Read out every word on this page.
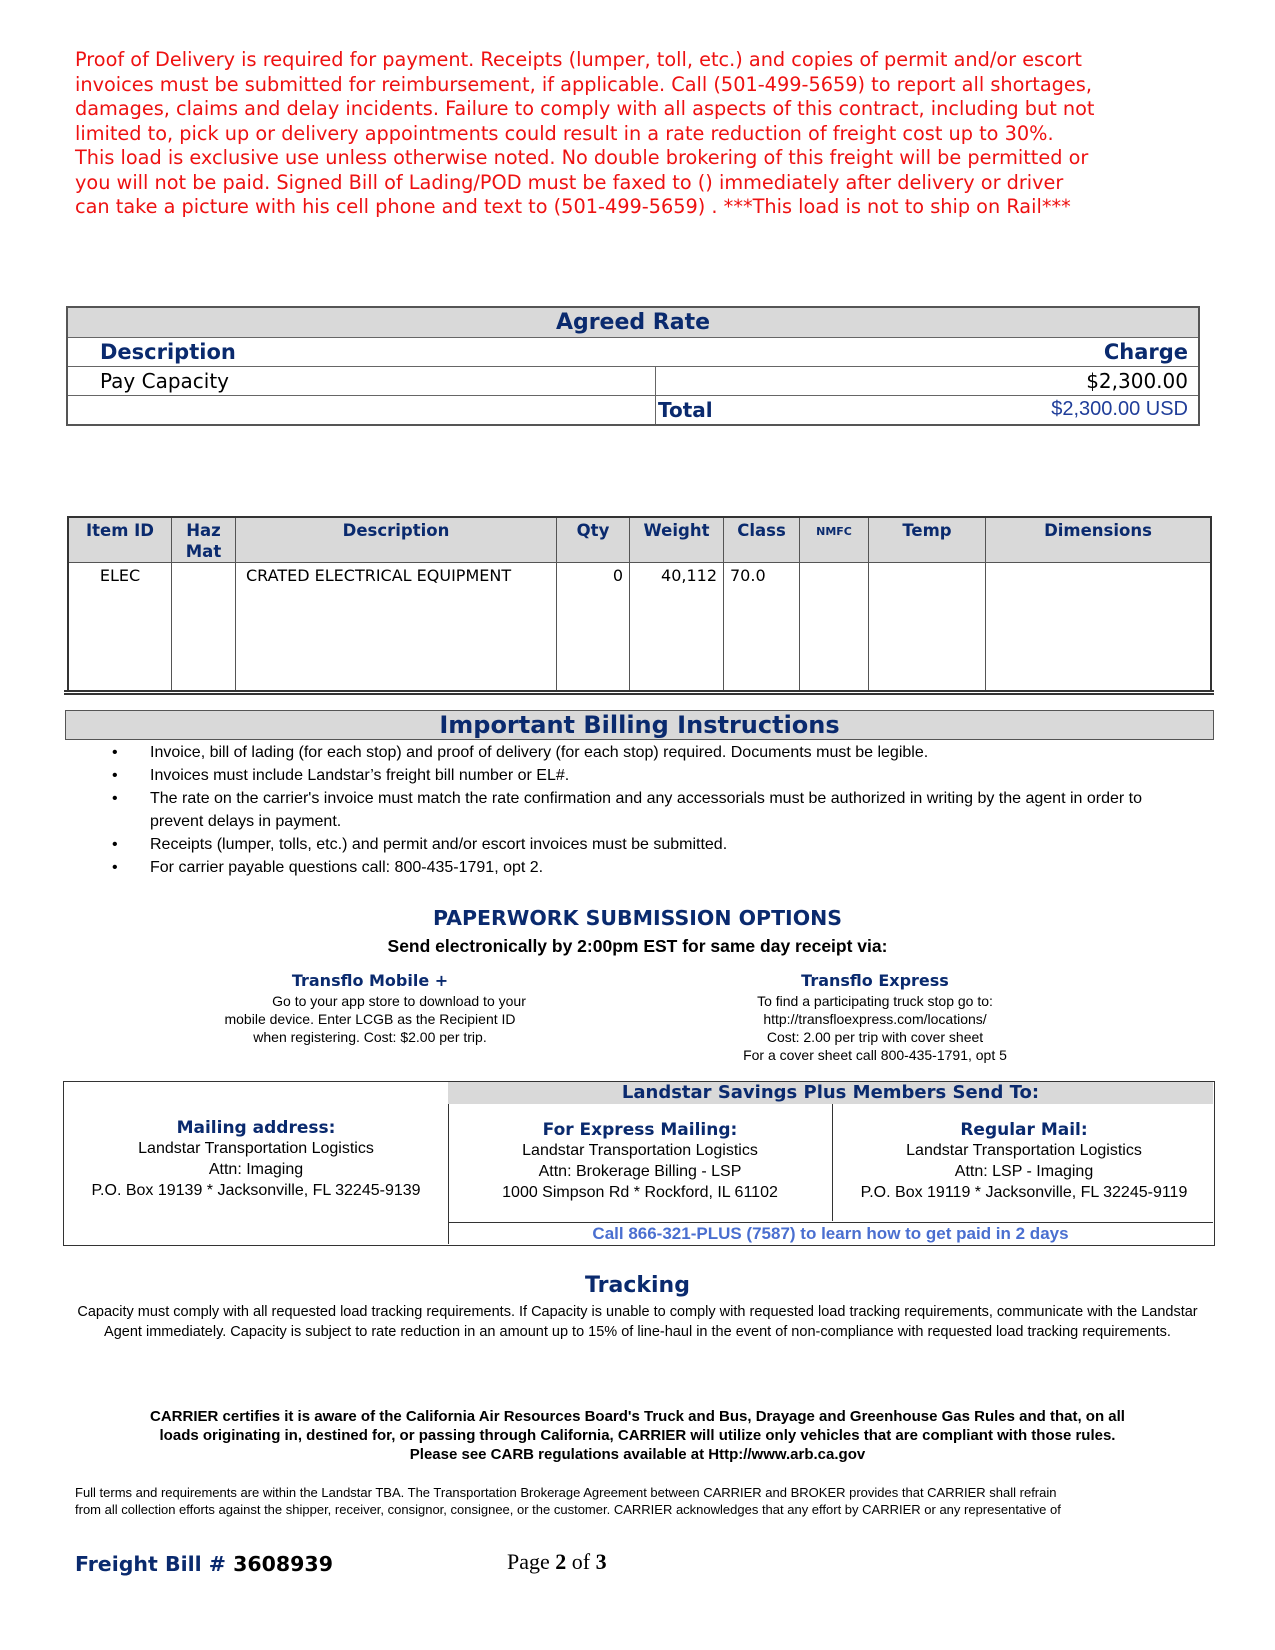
Proof of Delivery is required for payment. Receipts (lumper, toll, etc.) and copies of permit and/or escort
invoices must be submitted for reimbursement, if applicable. Call (501-499-5659) to report all shortages,
damages, claims and delay incidents. Failure to comply with all aspects of this contract, including but not
limited to, pick up or delivery appointments could result in a rate reduction of freight cost up to 30%.
This load is exclusive use unless otherwise noted. No double brokering of this freight will be permitted or
you will not be paid. Signed Bill of Lading/POD must be faxed to () immediately after delivery or driver
can take a picture with his cell phone and text to (501-499-5659) . ***This load is not to ship on Rail***
Agreed Rate	
Description	Charge
Pay Capacity	$2,300.00
	Total $2,300.00 USD
Item ID	Haz Mat	Description	Qty	Weight	Class	NMFC	Temp	Dimensions
ELEC		CRATED ELECTRICAL EQUIPMENT	0	40,112	70.0			
Important Billing Instructions
• Invoice, bill of lading (for each stop) and proof of delivery (for each stop) required. Documents must be legible.
• Invoices must include Landstar’s freight bill number or EL#.
• The rate on the carrier's invoice must match the rate confirmation and any accessorials must be authorized in writing by the agent in order to prevent delays in payment.
• Receipts (lumper, tolls, etc.) and permit and/or escort invoices must be submitted.
• For carrier payable questions call: 800-435-1791, opt 2.
PAPERWORK SUBMISSION OPTIONS
Send electronically by 2:00pm EST for same day receipt via:
Transflo Mobile +
Go to your app store to download to your
mobile device. Enter LCGB as the Recipient ID
when registering. Cost: $2.00 per trip.
Transflo Express
To find a participating truck stop go to:
http://transfloexpress.com/locations/
Cost: 2.00 per trip with cover sheet
For a cover sheet call 800-435-1791, opt 5
Mailing address:
Landstar Transportation Logistics
Attn: Imaging
P.O. Box 19139 * Jacksonville, FL 32245-9139
Landstar Savings Plus Members Send To:
For Express Mailing:
Landstar Transportation Logistics
Attn: Brokerage Billing - LSP
1000 Simpson Rd * Rockford, IL 61102
Regular Mail:
Landstar Transportation Logistics
Attn: LSP - Imaging
P.O. Box 19119 * Jacksonville, FL 32245-9119
Call 866-321-PLUS (7587) to learn how to get paid in 2 days
Tracking
Capacity must comply with all requested load tracking requirements. If Capacity is unable to comply with requested load tracking requirements, communicate with the Landstar Agent immediately. Capacity is subject to rate reduction in an amount up to 15% of line-haul in the event of non-compliance with requested load tracking requirements.
CARRIER certifies it is aware of the California Air Resources Board's Truck and Bus, Drayage and Greenhouse Gas Rules and that, on all
loads originating in, destined for, or passing through California, CARRIER will utilize only vehicles that are compliant with those rules.
Please see CARB regulations available at Http://www.arb.ca.gov
Full terms and requirements are within the Landstar TBA. The Transportation Brokerage Agreement between CARRIER and BROKER provides that CARRIER shall refrain
from all collection efforts against the shipper, receiver, consignor, consignee, or the customer. CARRIER acknowledges that any effort by CARRIER or any representative of
Freight Bill # 3608939	Page 2 of 3
